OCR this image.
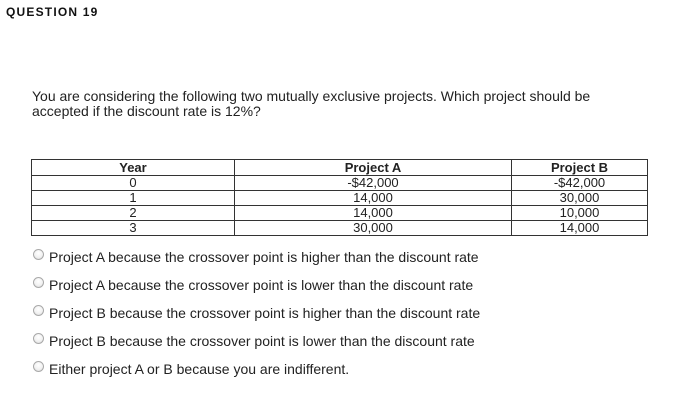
QUESTION 19
You are considering the following two mutually exclusive projects. Which project should be accepted if the discount rate is 12%?
Year	Project A	Project B
0	-$42,000	-$42,000
1	14,000	30,000
2	14,000	10,000
3	30,000	14,000
Project A because the crossover point is higher than the discount rate
Project A because the crossover point is lower than the discount rate
Project B because the crossover point is higher than the discount rate
Project B because the crossover point is lower than the discount rate
Either project A or B because you are indifferent.
